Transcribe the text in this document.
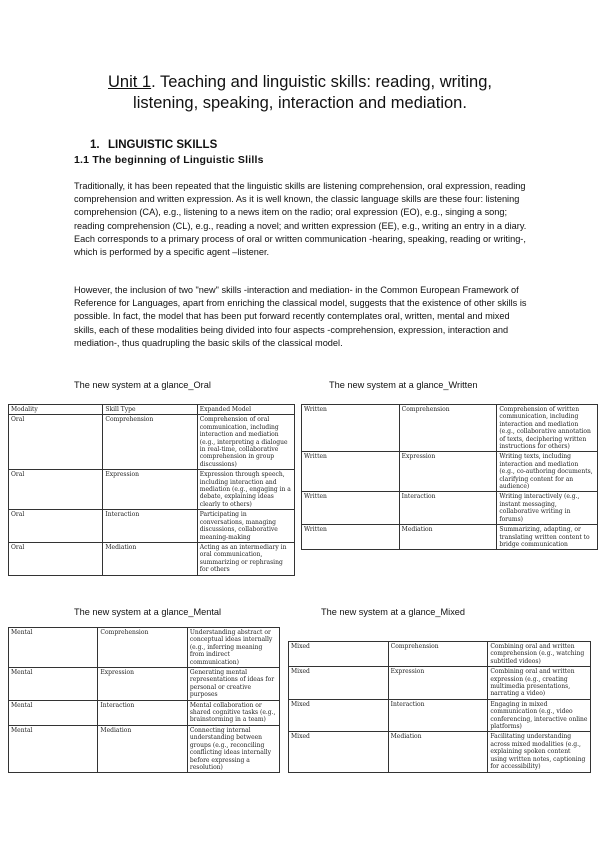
Unit 1. Teaching and linguistic skills: reading, writing,
listening, speaking, interaction and mediation.
1. LINGUISTIC SKILLS
1.1 The beginning of Linguistic Slills

Traditionally, it has been repeated that the linguistic skills are listening comprehension, oral expression, reading comprehension and written expression. As it is well known, the classic language skills are these four: listening comprehension (CA), e.g., listening to a news item on the radio; oral expression (EO), e.g., singing a song; reading comprehension (CL), e.g., reading a novel; and written expression (EE), e.g., writing an entry in a diary. Each corresponds to a primary process of oral or written communication -hearing, speaking, reading or writing-, which is performed by a specific agent –listener.

However, the inclusion of two "new" skills -interaction and mediation- in the Common European Framework of Reference for Languages, apart from enriching the classical model, suggests that the existence of other skills is possible. In fact, the model that has been put forward recently contemplates oral, written, mental and mixed skills, each of these modalities being divided into four aspects -comprehension, expression, interaction and mediation-, thus quadrupling the basic skils of the classical model.

The new system at a glance_Oral	The new system at a glance_Written

Modality	Skill Type	Expanded Model
Oral	Comprehension	Comprehension of oral communication, including interaction and mediation (e.g., interpreting a dialogue in real-time, collaborative comprehension in group discussions)
Oral	Expression	Expression through speech, including interaction and mediation (e.g., engaging in a debate, explaining ideas clearly to others)
Oral	Interaction	Participating in conversations, managing discussions, collaborative meaning-making
Oral	Mediation	Acting as an intermediary in oral communication, summarizing or rephrasing for others
Written	Comprehension	Comprehension of written communication, including interaction and mediation (e.g., collaborative annotation of texts, deciphering written instructions for others)
Written	Expression	Writing texts, including interaction and mediation (e.g., co-authoring documents, clarifying content for an audience)
Written	Interaction	Writing interactively (e.g., instant messaging, collaborative writing in forums)
Written	Mediation	Summarizing, adapting, or translating written content to bridge communication

The new system at a glance_Mental	The new system at a glance_Mixed

Mental	Comprehension	Understanding abstract or conceptual ideas internally (e.g., inferring meaning from indirect communication)
Mental	Expression	Generating mental representations of ideas for personal or creative purposes
Mental	Interaction	Mental collaboration or shared cognitive tasks (e.g., brainstorming in a team)
Mental	Mediation	Connecting internal understanding between groups (e.g., reconciling conflicting ideas internally before expressing a resolution)
Mixed	Comprehension	Combining oral and written comprehension (e.g., watching subtitled videos)
Mixed	Expression	Combining oral and written expression (e.g., creating multimedia presentations, narrating a video)
Mixed	Interaction	Engaging in mixed communication (e.g., video conferencing, interactive online platforms)
Mixed	Mediation	Facilitating understanding across mixed modalities (e.g., explaining spoken content using written notes, captioning for accessibility)
